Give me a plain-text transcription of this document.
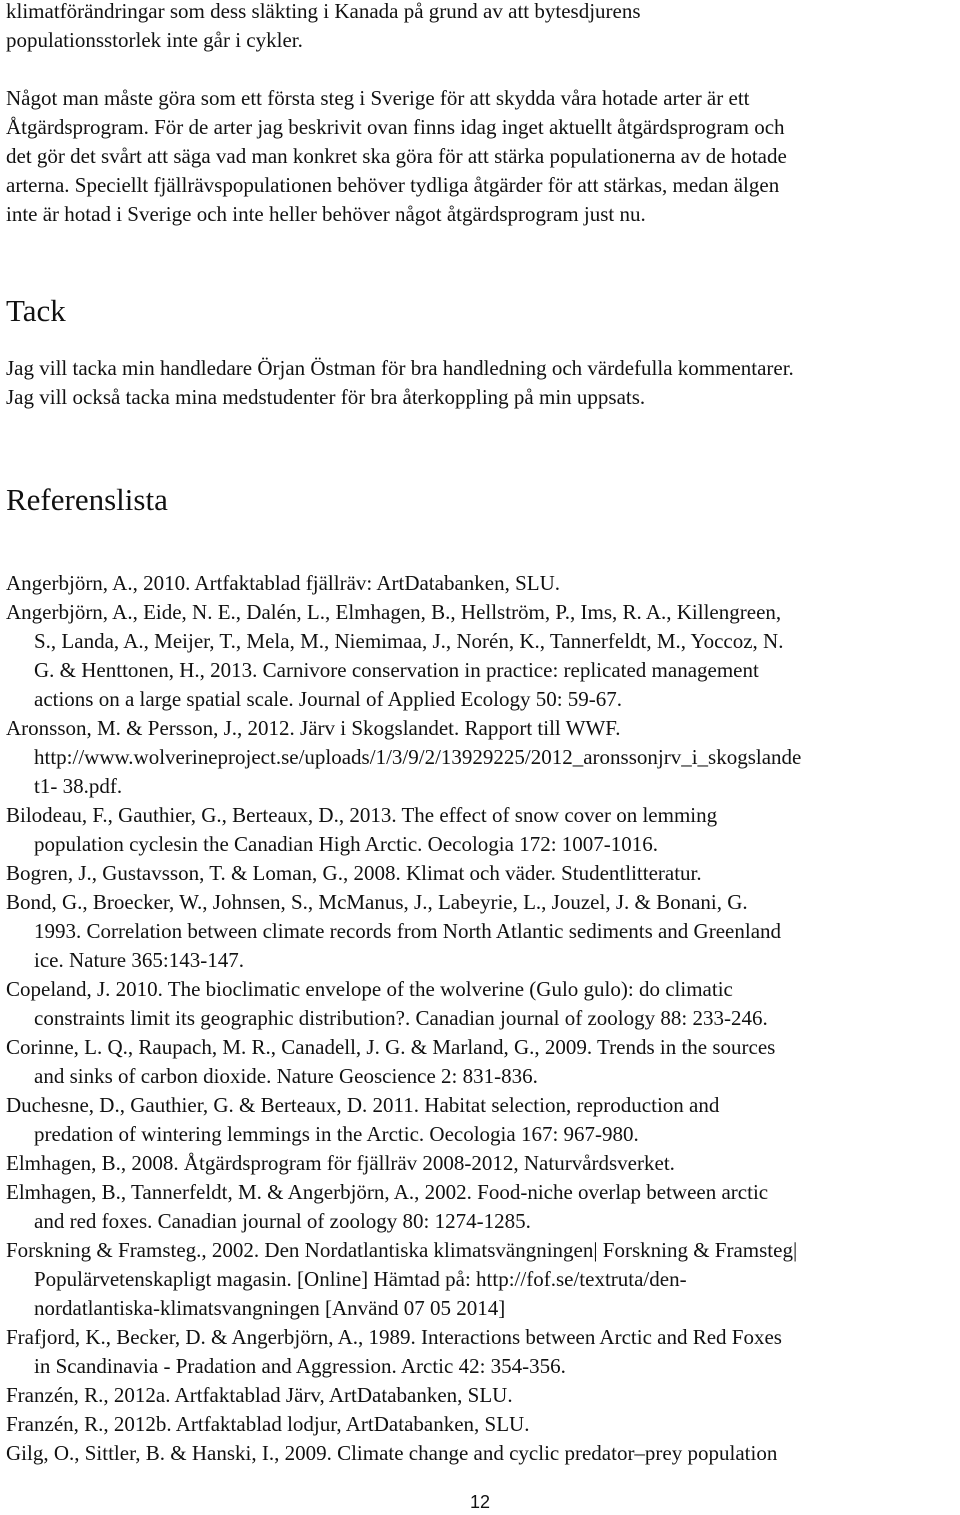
klimatförändringar som dess släkting i Kanada på grund av att bytesdjurens
populationsstorlek inte går i cykler.

Något man måste göra som ett första steg i Sverige för att skydda våra hotade arter är ett
Åtgärdsprogram. För de arter jag beskrivit ovan finns idag inget aktuellt åtgärdsprogram och
det gör det svårt att säga vad man konkret ska göra för att stärka populationerna av de hotade
arterna. Speciellt fjällrävspopulationen behöver tydliga åtgärder för att stärkas, medan älgen
inte är hotad i Sverige och inte heller behöver något åtgärdsprogram just nu.
Tack
Jag vill tacka min handledare Örjan Östman för bra handledning och värdefulla kommentarer.
Jag vill också tacka mina medstudenter för bra återkoppling på min uppsats.
Referenslista
Angerbjörn, A., 2010. Artfaktablad fjällräv: ArtDatabanken, SLU.
Angerbjörn, A., Eide, N. E., Dalén, L., Elmhagen, B., Hellström, P., Ims, R. A., Killengreen,
S., Landa, A., Meijer, T., Mela, M., Niemimaa, J., Norén, K., Tannerfeldt, M., Yoccoz, N.
G. & Henttonen, H., 2013. Carnivore conservation in practice: replicated management
actions on a large spatial scale. Journal of Applied Ecology 50: 59-67.
Aronsson, M. & Persson, J., 2012. Järv i Skogslandet. Rapport till WWF.
http://www.wolverineproject.se/uploads/1/3/9/2/13929225/2012_aronssonjrv_i_skogslande
t1- 38.pdf.
Bilodeau, F., Gauthier, G., Berteaux, D., 2013. The effect of snow cover on lemming
population cyclesin the Canadian High Arctic. Oecologia 172: 1007-1016.
Bogren, J., Gustavsson, T. & Loman, G., 2008. Klimat och väder. Studentlitteratur.
Bond, G., Broecker, W., Johnsen, S., McManus, J., Labeyrie, L., Jouzel, J. & Bonani, G.
1993. Correlation between climate records from North Atlantic sediments and Greenland
ice. Nature 365:143-147.
Copeland, J. 2010. The bioclimatic envelope of the wolverine (Gulo gulo): do climatic
constraints limit its geographic distribution?. Canadian journal of zoology 88: 233-246.
Corinne, L. Q., Raupach, M. R., Canadell, J. G. & Marland, G., 2009. Trends in the sources
and sinks of carbon dioxide. Nature Geoscience 2: 831-836.
Duchesne, D., Gauthier, G. & Berteaux, D. 2011. Habitat selection, reproduction and
predation of wintering lemmings in the Arctic. Oecologia 167: 967-980.
Elmhagen, B., 2008. Åtgärdsprogram för fjällräv 2008-2012, Naturvårdsverket.
Elmhagen, B., Tannerfeldt, M. & Angerbjörn, A., 2002. Food-niche overlap between arctic
and red foxes. Canadian journal of zoology 80: 1274-1285.
Forskning & Framsteg., 2002. Den Nordatlantiska klimatsvängningen| Forskning & Framsteg|
Populärvetenskapligt magasin. [Online] Hämtad på: http://fof.se/textruta/den-
nordatlantiska-klimatsvangningen [Använd 07 05 2014]
Frafjord, K., Becker, D. & Angerbjörn, A., 1989. Interactions between Arctic and Red Foxes
in Scandinavia - Pradation and Aggression. Arctic 42: 354-356.
Franzén, R., 2012a. Artfaktablad Järv, ArtDatabanken, SLU.
Franzén, R., 2012b. Artfaktablad lodjur, ArtDatabanken, SLU.
Gilg, O., Sittler, B. & Hanski, I., 2009. Climate change and cyclic predator–prey population
12
